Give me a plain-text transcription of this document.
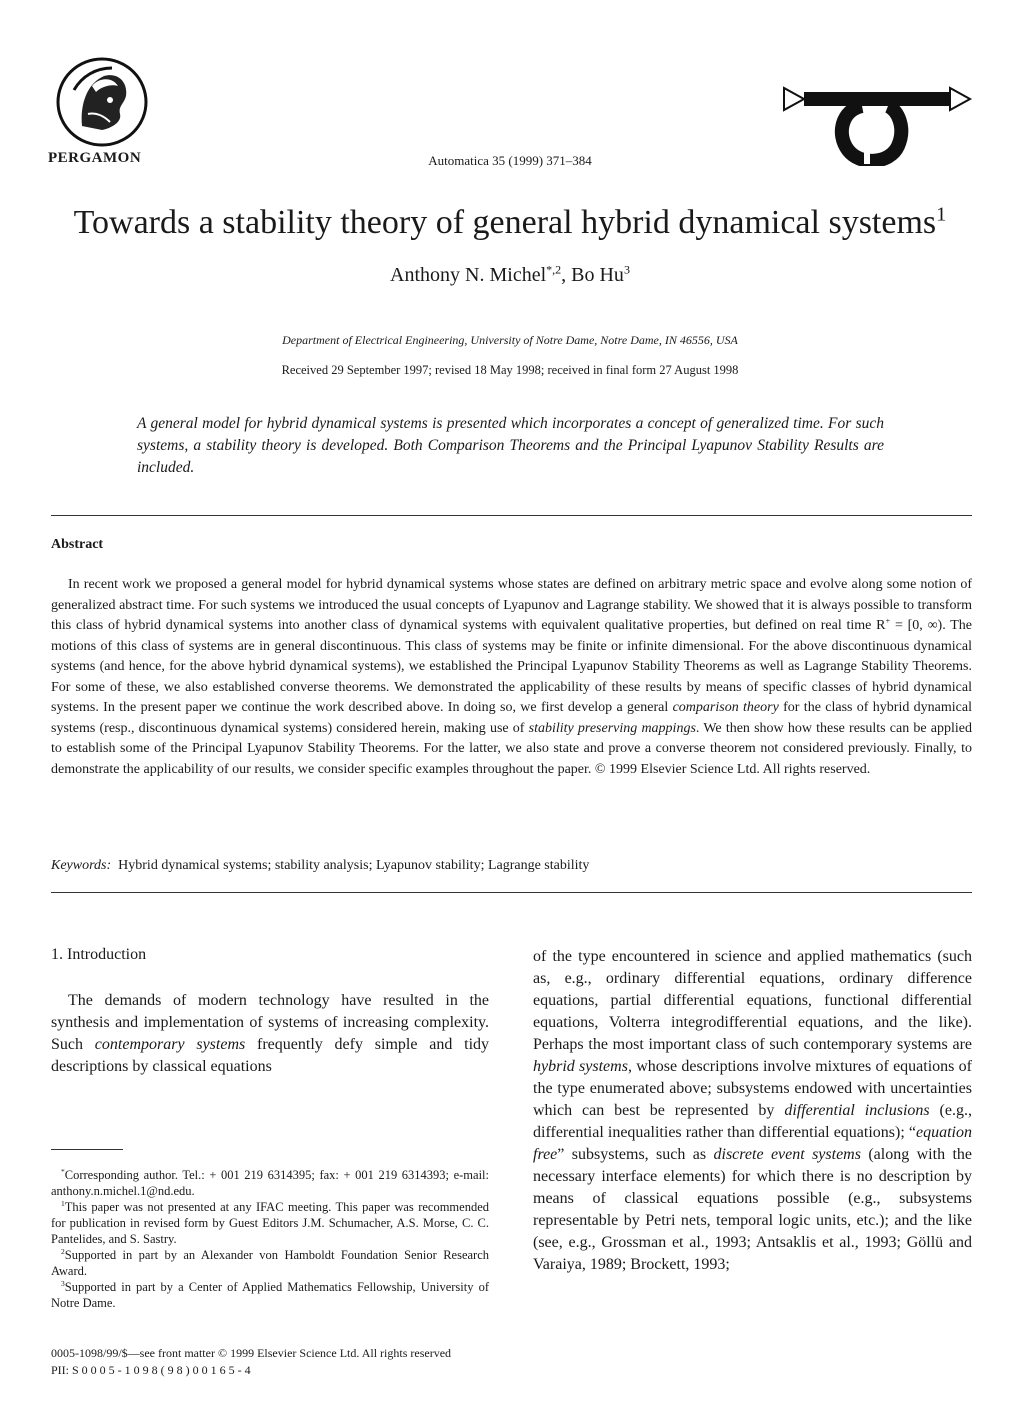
PERGAMON	Automatica 35 (1999) 371–384
Towards a stability theory of general hybrid dynamical systems$^1$
Anthony N. Michel$^{*,2}$, Bo Hu$^3$
Department of Electrical Engineering, University of Notre Dame, Notre Dame, IN 46556, USA
Received 29 September 1997; revised 18 May 1998; received in final form 27 August 1998
A general model for hybrid dynamical systems is presented which incorporates a concept of generalized time. For such systems, a stability theory is developed. Both Comparison Theorems and the Principal Lyapunov Stability Results are included.
Abstract
In recent work we proposed a general model for hybrid dynamical systems whose states are defined on arbitrary metric space and evolve along some notion of generalized abstract time. For such systems we introduced the usual concepts of Lyapunov and Lagrange stability. We showed that it is always possible to transform this class of hybrid dynamical systems into another class of dynamical systems with equivalent qualitative properties, but defined on real time R+ = [0, ∞). The motions of this class of systems are in general discontinuous. This class of systems may be finite or infinite dimensional. For the above discontinuous dynamical systems (and hence, for the above hybrid dynamical systems), we established the Principal Lyapunov Stability Theorems as well as Lagrange Stability Theorems. For some of these, we also established converse theorems. We demonstrated the applicability of these results by means of specific classes of hybrid dynamical systems. In the present paper we continue the work described above. In doing so, we first develop a general comparison theory for the class of hybrid dynamical systems (resp., discontinuous dynamical systems) considered herein, making use of stability preserving mappings. We then show how these results can be applied to establish some of the Principal Lyapunov Stability Theorems. For the latter, we also state and prove a converse theorem not considered previously. Finally, to demonstrate the applicability of our results, we consider specific examples throughout the paper. © 1999 Elsevier Science Ltd. All rights reserved.
Keywords: Hybrid dynamical systems; stability analysis; Lyapunov stability; Lagrange stability
1. Introduction
The demands of modern technology have resulted in the synthesis and implementation of systems of increasing complexity. Such contemporary systems frequently defy simple and tidy descriptions by classical equations

*Corresponding author. Tel.: + 001 219 6314395; fax: + 001 219 6314393; e-mail: anthony.n.michel.1@nd.edu.

$^1$This paper was not presented at any IFAC meeting. This paper was recommended for publication in revised form by Guest Editors J.M. Schumacher, A.S. Morse, C. C. Pantelides, and S. Sastry.

$^2$Supported in part by an Alexander von Hamboldt Foundation Senior Research Award.

$^3$Supported in part by a Center of Applied Mathematics Fellowship, University of Notre Dame.

of the type encountered in science and applied mathematics (such as, e.g., ordinary differential equations, ordinary difference equations, partial differential equations, functional differential equations, Volterra integrodifferential equations, and the like). Perhaps the most important class of such contemporary systems are hybrid systems, whose descriptions involve mixtures of equations of the type enumerated above; subsystems endowed with uncertainties which can best be represented by differential inclusions (e.g., differential inequalities rather than differential equations); “equation free” subsystems, such as discrete event systems (along with the necessary interface elements) for which there is no description by means of classical equations possible (e.g., subsystems representable by Petri nets, temporal logic units, etc.); and the like (see, e.g., Grossman et al., 1993; Antsaklis et al., 1993; Göllü and Varaiya, 1989; Brockett, 1993;
0005-1098/99/$—see front matter © 1999 Elsevier Science Ltd. All rights reserved
PII: S 0 0 0 5 - 1 0 9 8 ( 9 8 ) 0 0 1 6 5 - 4
